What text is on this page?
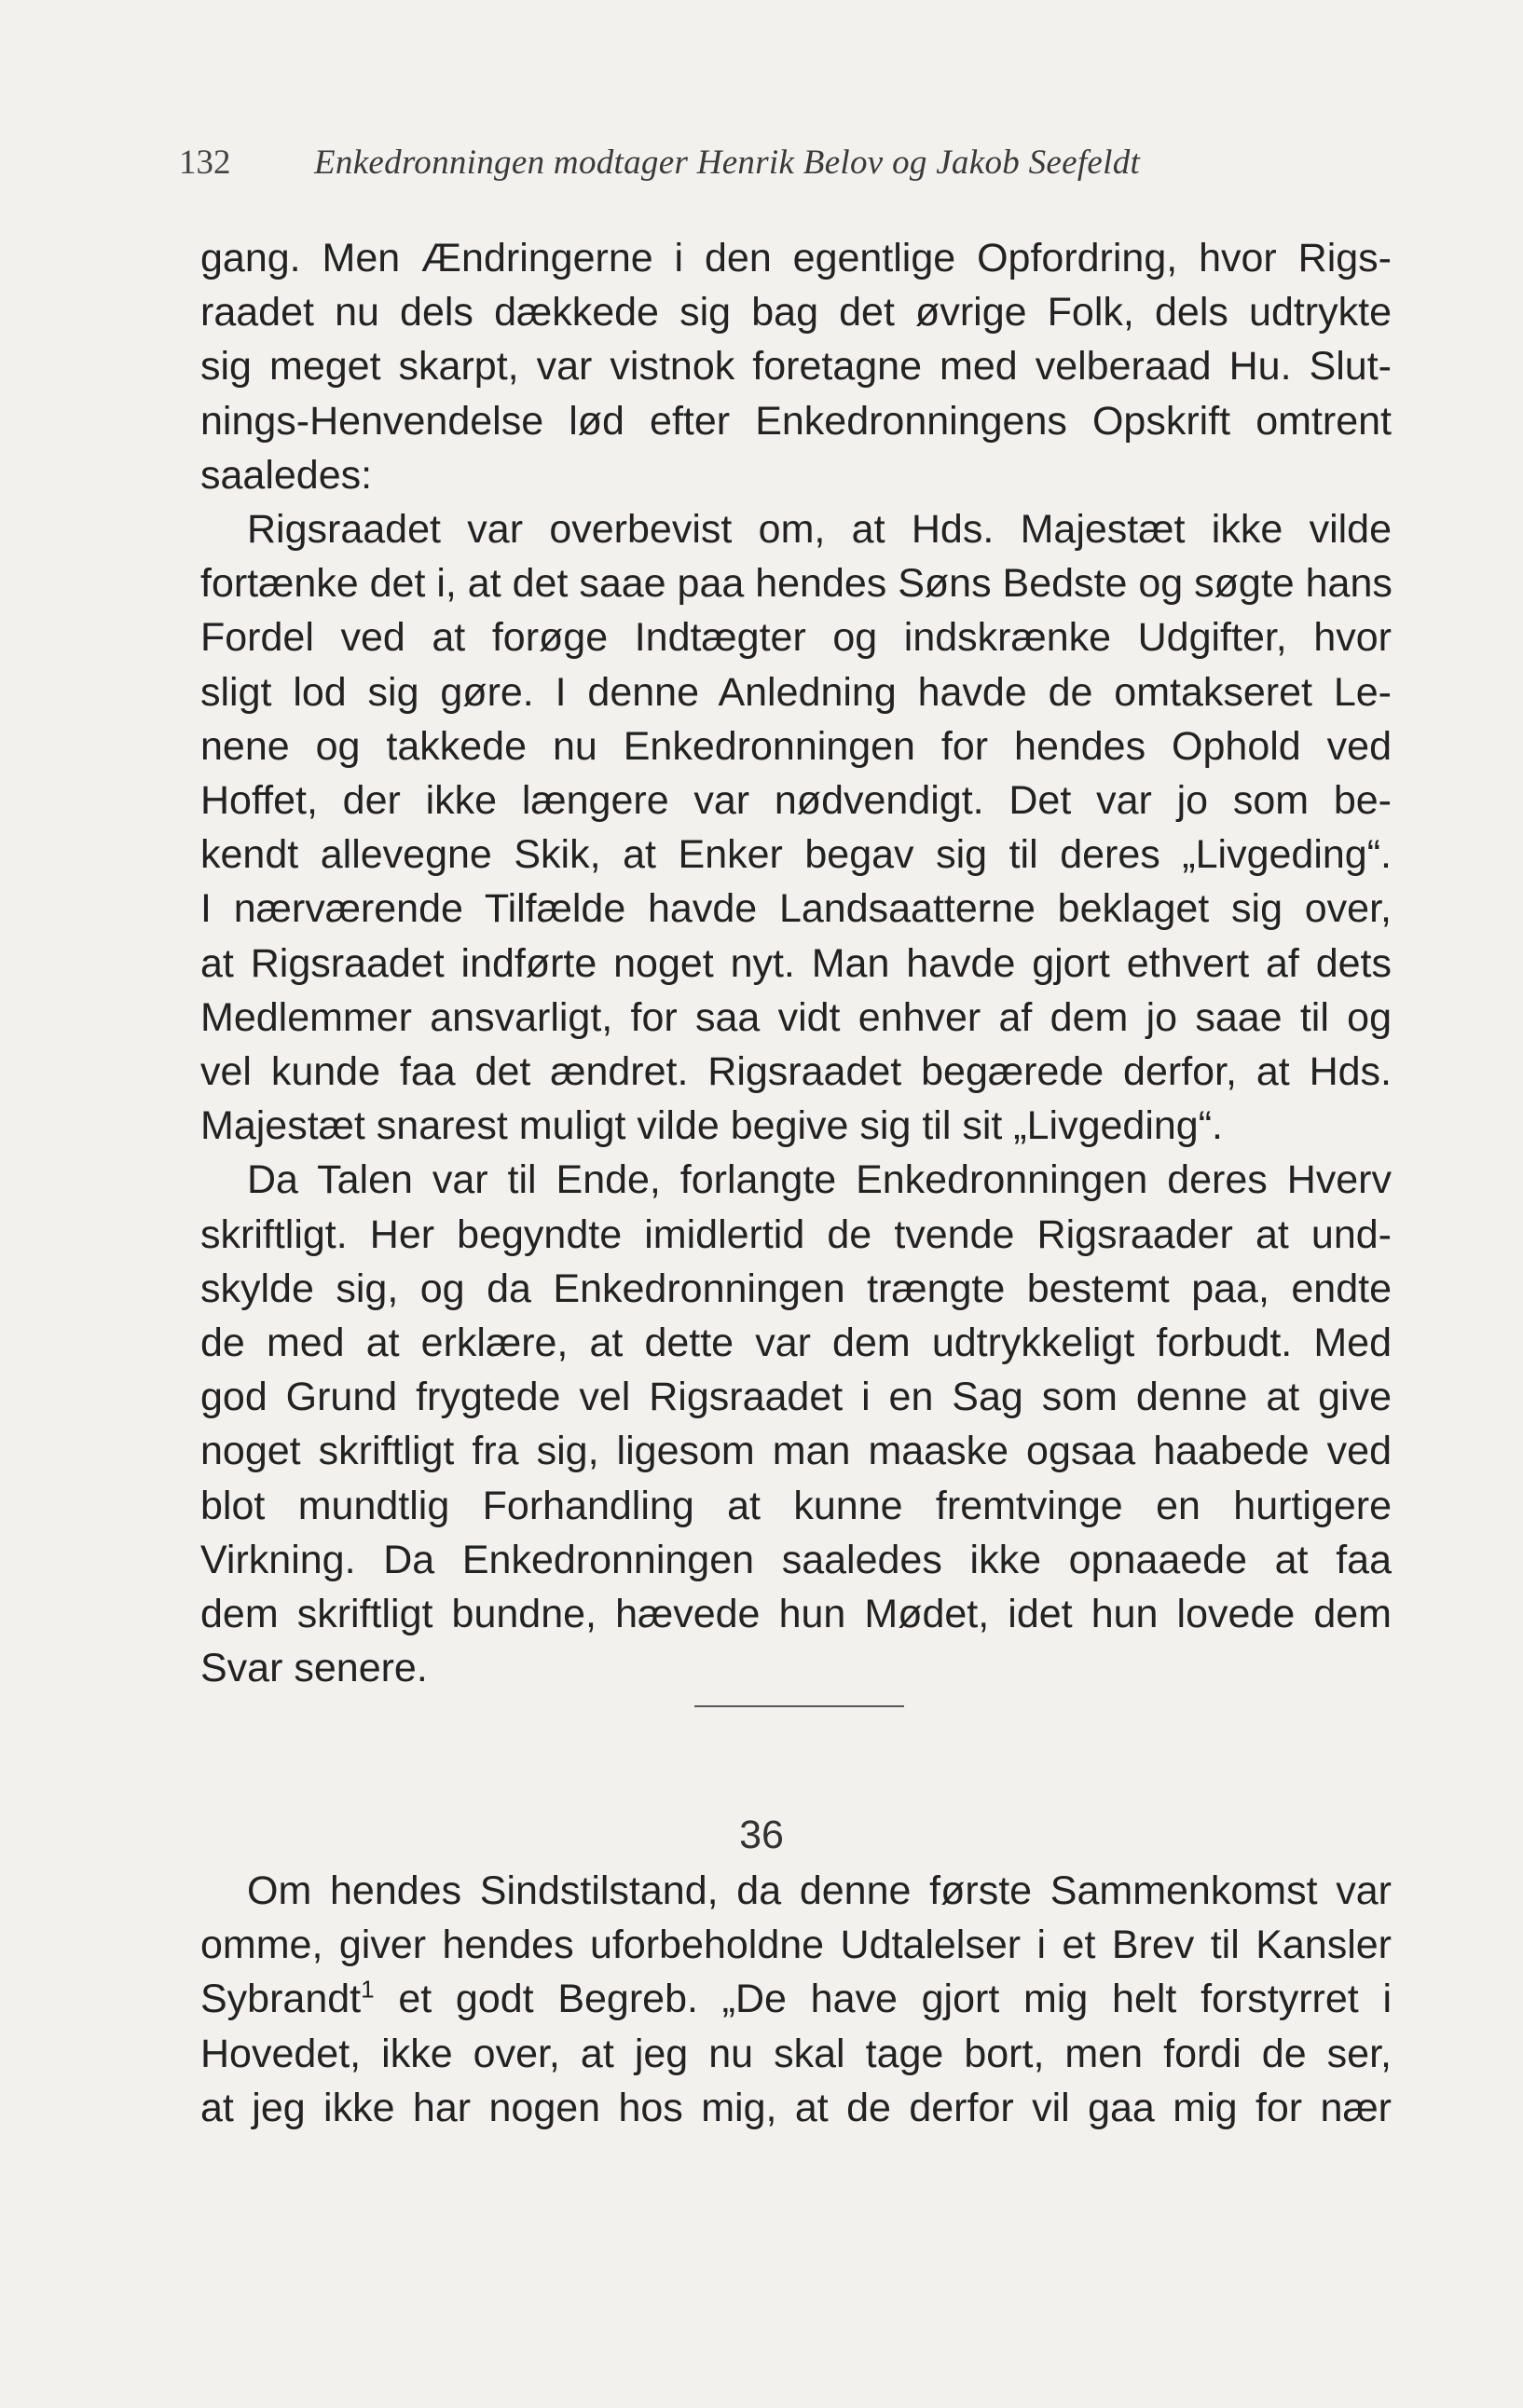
132 Enkedronningen modtager Henrik Belov og Jakob Seefeldt
gang. Men Ændringerne i den egentlige Opfordring, hvor Rigs-
raadet nu dels dækkede sig bag det øvrige Folk, dels udtrykte
sig meget skarpt, var vistnok foretagne med velberaad Hu. Slut-
nings-Henvendelse lød efter Enkedronningens Opskrift omtrent
saaledes:
Rigsraadet var overbevist om, at Hds. Majestæt ikke vilde
fortænke det i, at det saae paa hendes Søns Bedste og søgte hans
Fordel ved at forøge Indtægter og indskrænke Udgifter, hvor
sligt lod sig gøre. I denne Anledning havde de omtakseret Le-
nene og takkede nu Enkedronningen for hendes Ophold ved
Hoffet, der ikke længere var nødvendigt. Det var jo som be-
kendt allevegne Skik, at Enker begav sig til deres „Livgeding“.
I nærværende Tilfælde havde Landsaatterne beklaget sig over,
at Rigsraadet indførte noget nyt. Man havde gjort ethvert af dets
Medlemmer ansvarligt, for saa vidt enhver af dem jo saae til og
vel kunde faa det ændret. Rigsraadet begærede derfor, at Hds.
Majestæt snarest muligt vilde begive sig til sit „Livgeding“.
Da Talen var til Ende, forlangte Enkedronningen deres Hverv
skriftligt. Her begyndte imidlertid de tvende Rigsraader at und-
skylde sig, og da Enkedronningen trængte bestemt paa, endte
de med at erklære, at dette var dem udtrykkeligt forbudt. Med
god Grund frygtede vel Rigsraadet i en Sag som denne at give
noget skriftligt fra sig, ligesom man maaske ogsaa haabede ved
blot mundtlig Forhandling at kunne fremtvinge en hurtigere
Virkning. Da Enkedronningen saaledes ikke opnaaede at faa
dem skriftligt bundne, hævede hun Mødet, idet hun lovede dem
Svar senere.
36
Om hendes Sindstilstand, da denne første Sammenkomst var
omme, giver hendes uforbeholdne Udtalelser i et Brev til Kansler
Sybrandt$^1$ et godt Begreb. „De have gjort mig helt forstyrret i
Hovedet, ikke over, at jeg nu skal tage bort, men fordi de ser,
at jeg ikke har nogen hos mig, at de derfor vil gaa mig for nær
